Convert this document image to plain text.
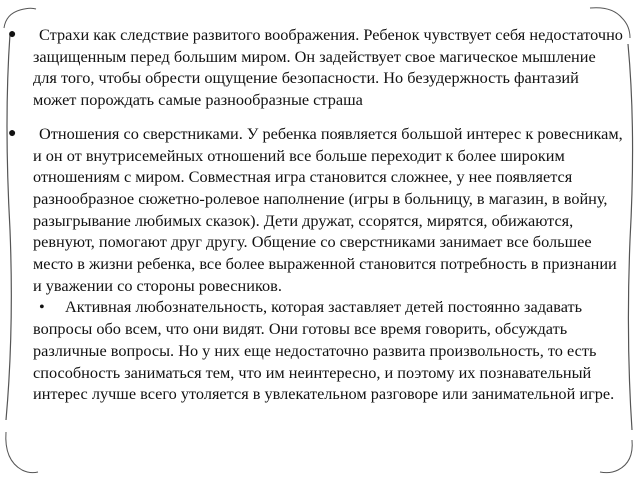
● Страхи как следствие развитого воображения. Ребенок чувствует себя недостаточно защищенным перед большим миром. Он задействует свое магическое мышление для того, чтобы обрести ощущение безопасности. Но безудержность фантазий может порождать самые разнообразные страша

● Отношения со сверстниками. У ребенка появляется большой интерес к ровесникам, и он от внутрисемейных отношений все больше переходит к более широким отношениям с миром. Совместная игра становится сложнее, у нее появляется разнообразное сюжетно-ролевое наполнение (игры в больницу, в магазин, в войну, разыгрывание любимых сказок). Дети дружат, ссорятся, мирятся, обижаются, ревнуют, помогают друг другу. Общение со сверстниками занимает все большее место в жизни ребенка, все более выраженной становится потребность в признании и уважении со стороны ровесников.
• Активная любознательность, которая заставляет детей постоянно задавать вопросы обо всем, что они видят. Они готовы все время говорить, обсуждать различные вопросы. Но у них еще недостаточно развита произвольность, то есть способность заниматься тем, что им неинтересно, и поэтому их познавательный интерес лучше всего утоляется в увлекательном разговоре или занимательной игре.
